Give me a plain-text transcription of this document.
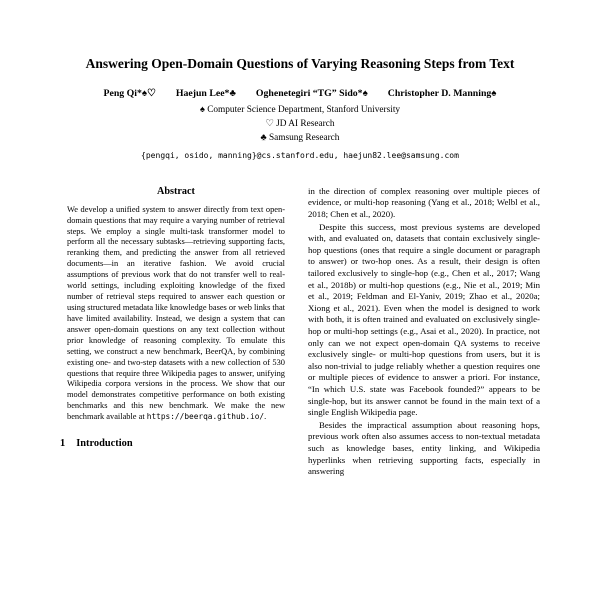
Answering Open-Domain Questions of Varying Reasoning Steps from Text
Peng Qi*♠♡ Haejun Lee*♣ Oghenetegiri “TG” Sido*♠ Christopher D. Manning♠
♠ Computer Science Department, Stanford University
♡ JD AI Research
♣ Samsung Research
{pengqi, osido, manning}@cs.stanford.edu, haejun82.lee@samsung.com
Abstract

We develop a unified system to answer directly from text open-domain questions that may require a varying number of retrieval steps. We employ a single multi-task transformer model to perform all the necessary subtasks—retrieving supporting facts, reranking them, and predicting the answer from all retrieved documents—in an iterative fashion. We avoid crucial assumptions of previous work that do not transfer well to real-world settings, including exploiting knowledge of the fixed number of retrieval steps required to answer each question or using structured metadata like knowledge bases or web links that have limited availability. Instead, we design a system that can answer open-domain questions on any text collection without prior knowledge of reasoning complexity. To emulate this setting, we construct a new benchmark, BeerQA, by combining existing one- and two-step datasets with a new collection of 530 questions that require three Wikipedia pages to answer, unifying Wikipedia corpora versions in the process. We show that our model demonstrates competitive performance on both existing benchmarks and this new benchmark. We make the new benchmark available at https://beerqa.github.io/.

1 Introduction

in the direction of complex reasoning over multiple pieces of evidence, or multi-hop reasoning (Yang et al., 2018; Welbl et al., 2018; Chen et al., 2020).

Despite this success, most previous systems are developed with, and evaluated on, datasets that contain exclusively single-hop questions (ones that require a single document or paragraph to answer) or two-hop ones. As a result, their design is often tailored exclusively to single-hop (e.g., Chen et al., 2017; Wang et al., 2018b) or multi-hop questions (e.g., Nie et al., 2019; Min et al., 2019; Feldman and El-Yaniv, 2019; Zhao et al., 2020a; Xiong et al., 2021). Even when the model is designed to work with both, it is often trained and evaluated on exclusively single-hop or multi-hop settings (e.g., Asai et al., 2020). In practice, not only can we not expect open-domain QA systems to receive exclusively single- or multi-hop questions from users, but it is also non-trivial to judge reliably whether a question requires one or multiple pieces of evidence to answer a priori. For instance, “In which U.S. state was Facebook founded?” appears to be single-hop, but its answer cannot be found in the main text of a single English Wikipedia page.

Besides the impractical assumption about reasoning hops, previous work often also assumes access to non-textual metadata such as knowledge bases, entity linking, and Wikipedia hyperlinks when retrieving supporting facts, especially in answering
